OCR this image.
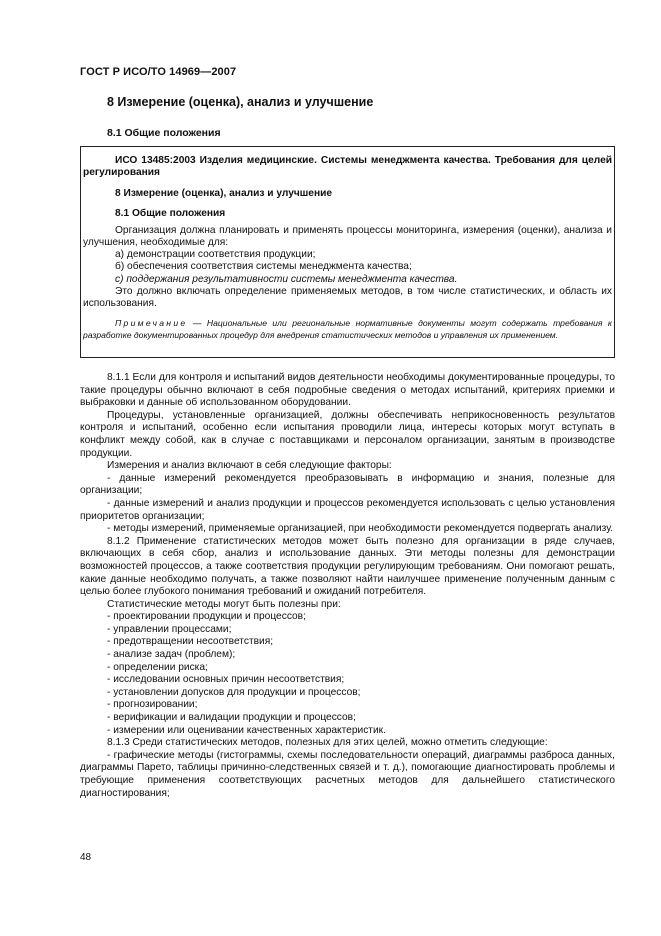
ГОСТ Р ИСО/ТО 14969—2007
8 Измерение (оценка), анализ и улучшение
8.1 Общие положения

ИСО 13485:2003 Изделия медицинские. Системы менеджмента качества. Требования для целей регулирования

8 Измерение (оценка), анализ и улучшение

8.1 Общие положения

Организация должна планировать и применять процессы мониторинга, измерения (оценки), анализа и улучшения, необходимые для:

а) демонстрации соответствия продукции;

б) обеспечения соответствия системы менеджмента качества;

с) поддержания результативности системы менеджмента качества.

Это должно включать определение применяемых методов, в том числе статистических, и область их использования.

Примечание — Национальные или региональные нормативные документы могут содержать требования к разработке документированных процедур для внедрения статистических методов и управления их применением.

8.1.1 Если для контроля и испытаний видов деятельности необходимы документированные процедуры, то такие процедуры обычно включают в себя подробные сведения о методах испытаний, критериях приемки и выбраковки и данные об использованном оборудовании.

Процедуры, установленные организацией, должны обеспечивать неприкосновенность результатов контроля и испытаний, особенно если испытания проводили лица, интересы которых могут вступать в конфликт между собой, как в случае с поставщиками и персоналом организации, занятым в производстве продукции.

Измерения и анализ включают в себя следующие факторы:

- данные измерений рекомендуется преобразовывать в информацию и знания, полезные для организации;

- данные измерений и анализ продукции и процессов рекомендуется использовать с целью установления приоритетов организации;

- методы измерений, применяемые организацией, при необходимости рекомендуется подвергать анализу.

8.1.2 Применение статистических методов может быть полезно для организации в ряде случаев, включающих в себя сбор, анализ и использование данных. Эти методы полезны для демонстрации возможностей процессов, а также соответствия продукции регулирующим требованиям. Они помогают решать, какие данные необходимо получать, а также позволяют найти наилучшее применение полученным данным с целью более глубокого понимания требований и ожиданий потребителя.

Статистические методы могут быть полезны при:

- проектировании продукции и процессов;

- управлении процессами;

- предотвращении несоответствия;

- анализе задач (проблем);

- определении риска;

- исследовании основных причин несоответствия;

- установлении допусков для продукции и процессов;

- прогнозировании;

- верификации и валидации продукции и процессов;

- измерении или оценивании качественных характеристик.

8.1.3 Среди статистических методов, полезных для этих целей, можно отметить следующие:

- графические методы (гистограммы, схемы последовательности операций, диаграммы разброса данных, диаграммы Парето, таблицы причинно-следственных связей и т. д.), помогающие диагностировать проблемы и требующие применения соответствующих расчетных методов для дальнейшего статистического диагностирования;

48
